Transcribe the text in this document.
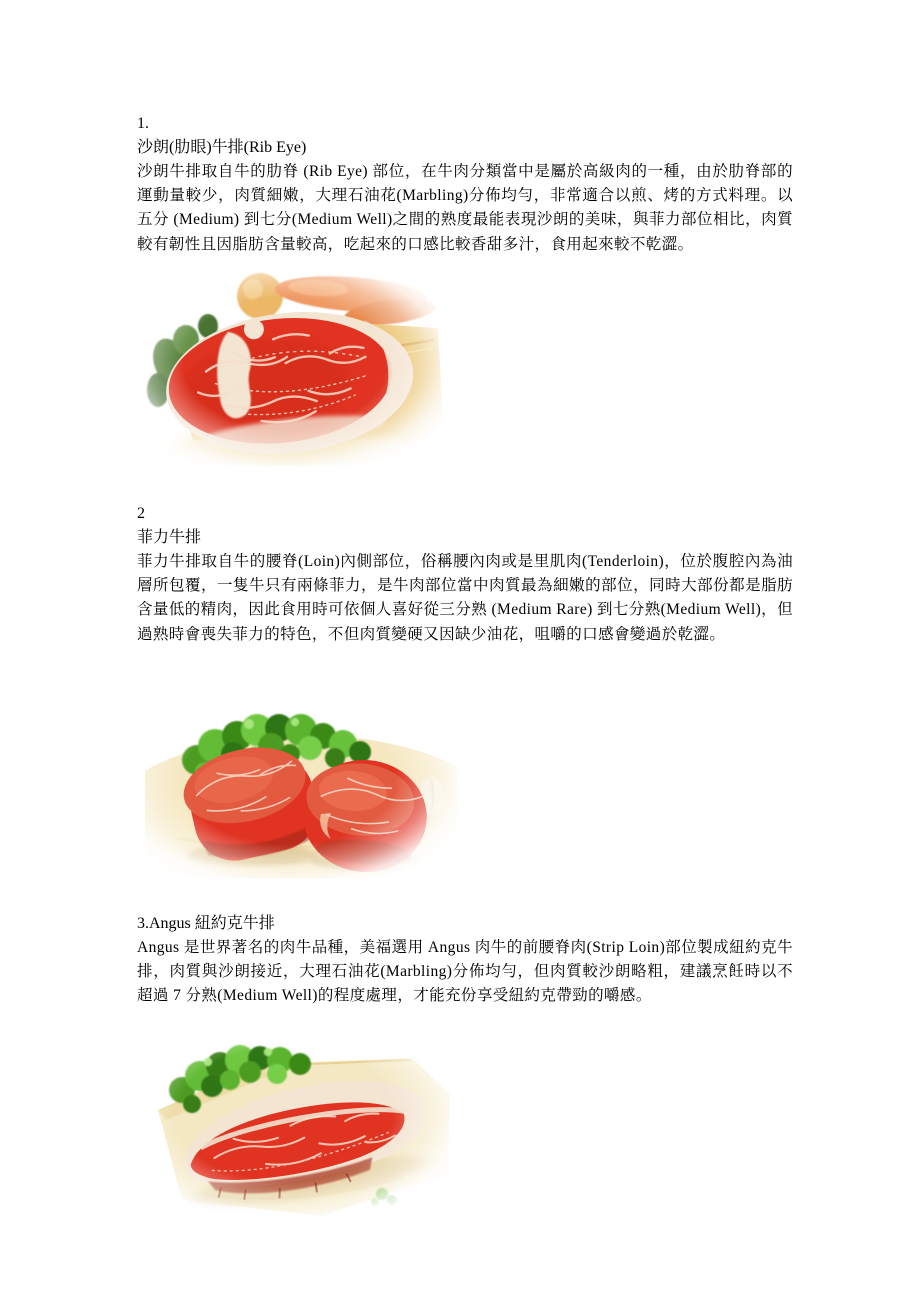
1.
沙朗(肋眼)牛排(Rib Eye)
沙朗牛排取自牛的肋脊 (Rib Eye) 部位，在牛肉分類當中是屬於高級肉的一種，由於肋脊部的運動量較少，肉質細嫩，大理石油花(Marbling)分佈均勻，非常適合以煎、烤的方式料理。以五分 (Medium) 到七分(Medium Well)之間的熟度最能表現沙朗的美味，與菲力部位相比，肉質較有韌性且因脂肪含量較高，吃起來的口感比較香甜多汁，食用起來較不乾澀。
2
菲力牛排
菲力牛排取自牛的腰脊(Loin)內側部位，俗稱腰內肉或是里肌肉(Tenderloin)，位於腹腔內為油層所包覆，一隻牛只有兩條菲力，是牛肉部位當中肉質最為細嫩的部位，同時大部份都是脂肪含量低的精肉，因此食用時可依個人喜好從三分熟 (Medium Rare) 到七分熟(Medium Well)，但過熟時會喪失菲力的特色，不但肉質變硬又因缺少油花，咀嚼的口感會變過於乾澀。
3.Angus 紐約克牛排
Angus 是世界著名的肉牛品種，美福選用 Angus 肉牛的前腰脊肉(Strip Loin)部位製成紐約克牛排，肉質與沙朗接近，大理石油花(Marbling)分佈均勻，但肉質較沙朗略粗，建議烹飪時以不超過 7 分熟(Medium Well)的程度處理，才能充份享受紐約克帶勁的嚼感。
